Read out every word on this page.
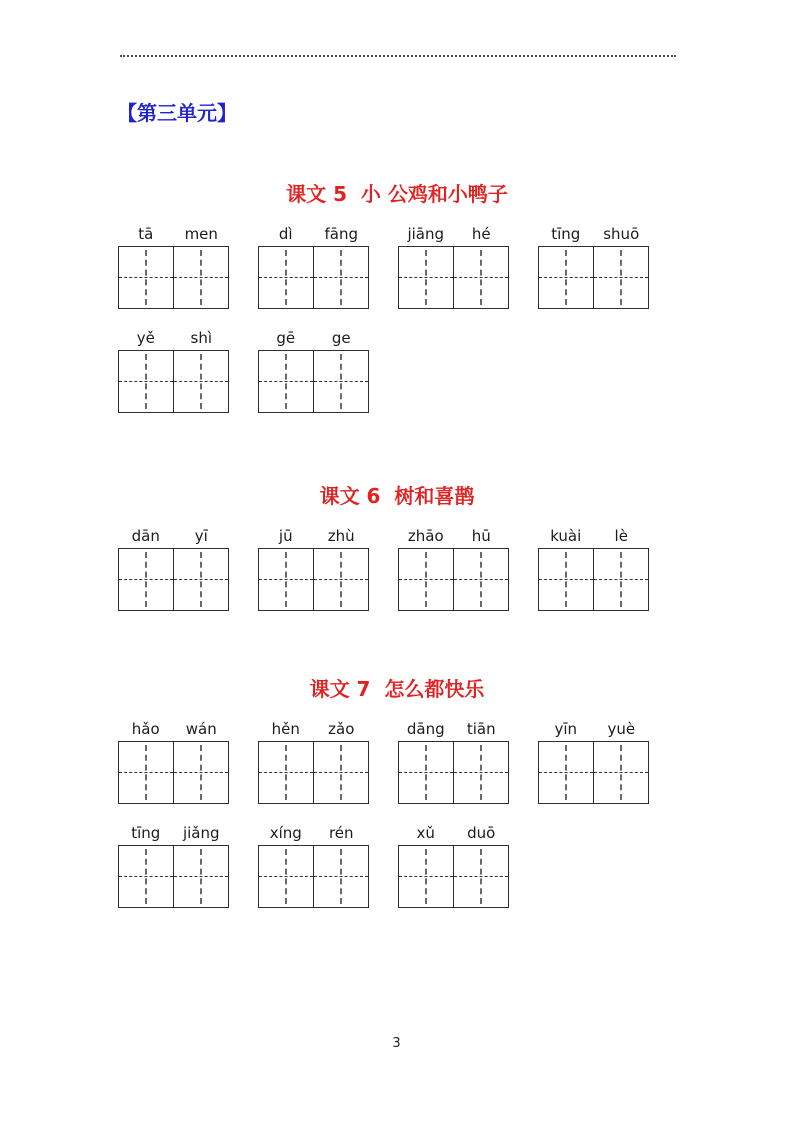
【第三单元】
课文 5  小 公鸡和小鸭子
tā	men	dì	fāng	jiāng	hé	tīng	shuō
yě	shì	gē	ge
课文 6  树和喜鹊
dān	yī	jū	zhù	zhāo	hū	kuài	lè
课文 7  怎么都快乐
hǎo	wán	hěn	zǎo	dāng	tiān	yīn	yuè
tīng	jiǎng	xíng	rén	xǔ	duō
3
